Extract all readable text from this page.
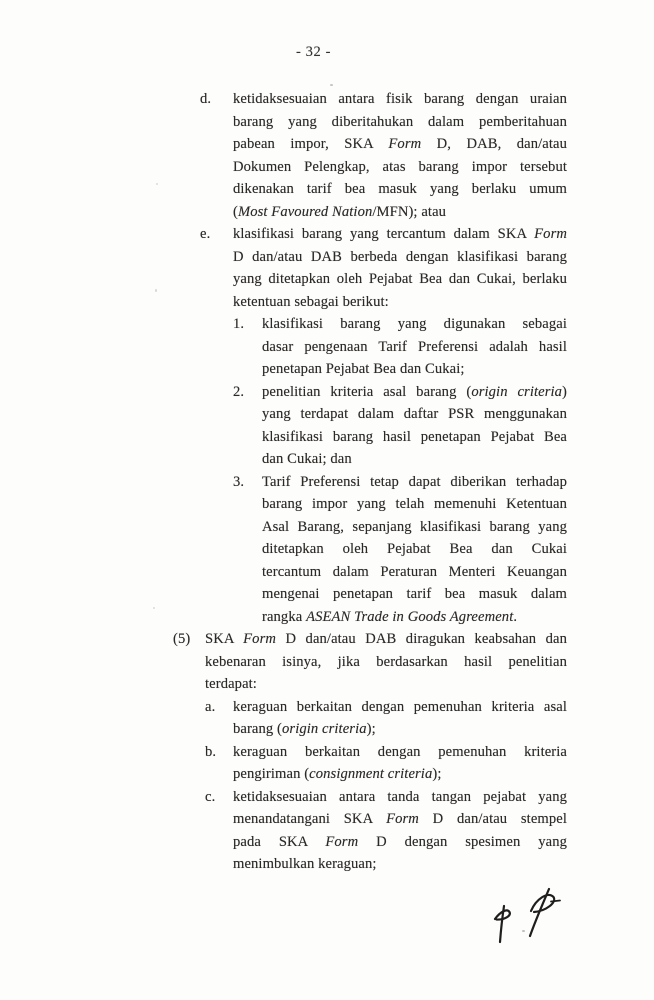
- 32 -
d. ketidaksesuaian antara fisik barang dengan uraian
barang yang diberitahukan dalam pemberitahuan
pabean impor, SKA Form D, DAB, dan/atau
Dokumen Pelengkap, atas barang impor tersebut
dikenakan tarif bea masuk yang berlaku umum
(Most Favoured Nation/MFN); atau
e. klasifikasi barang yang tercantum dalam SKA Form
D dan/atau DAB berbeda dengan klasifikasi barang
yang ditetapkan oleh Pejabat Bea dan Cukai, berlaku
ketentuan sebagai berikut:
1. klasifikasi barang yang digunakan sebagai
dasar pengenaan Tarif Preferensi adalah hasil
penetapan Pejabat Bea dan Cukai;
2. penelitian kriteria asal barang (origin criteria)
yang terdapat dalam daftar PSR menggunakan
klasifikasi barang hasil penetapan Pejabat Bea
dan Cukai; dan
3. Tarif Preferensi tetap dapat diberikan terhadap
barang impor yang telah memenuhi Ketentuan
Asal Barang, sepanjang klasifikasi barang yang
ditetapkan oleh Pejabat Bea dan Cukai
tercantum dalam Peraturan Menteri Keuangan
mengenai penetapan tarif bea masuk dalam
rangka ASEAN Trade in Goods Agreement.
(5) SKA Form D dan/atau DAB diragukan keabsahan dan
kebenaran isinya, jika berdasarkan hasil penelitian
terdapat:
a. keraguan berkaitan dengan pemenuhan kriteria asal
barang (origin criteria);
b. keraguan berkaitan dengan pemenuhan kriteria
pengiriman (consignment criteria);
c. ketidaksesuaian antara tanda tangan pejabat yang
menandatangani SKA Form D dan/atau stempel
pada SKA Form D dengan spesimen yang
menimbulkan keraguan;
